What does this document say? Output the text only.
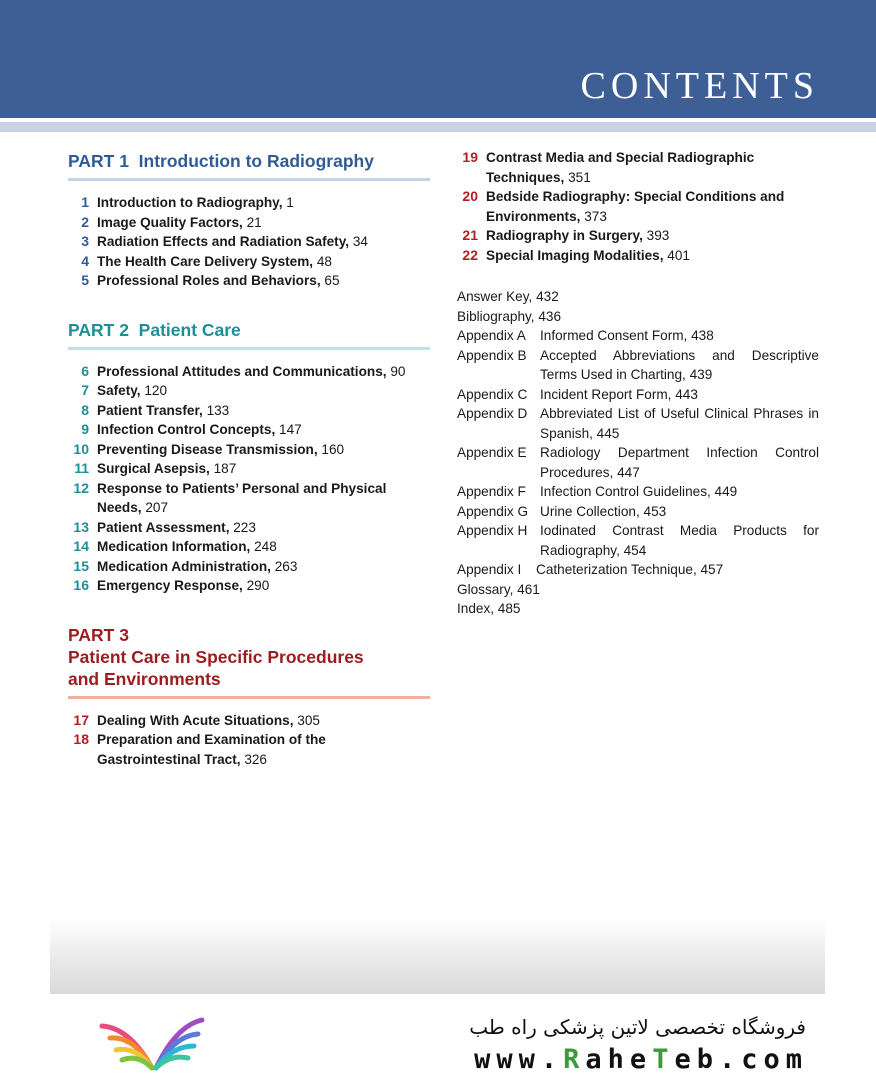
CONTENTS
PART 1 Introduction to Radiography
1 Introduction to Radiography, 1
2 Image Quality Factors, 21
3 Radiation Effects and Radiation Safety, 34
4 The Health Care Delivery System, 48
5 Professional Roles and Behaviors, 65
PART 2 Patient Care
6 Professional Attitudes and Communications, 90
7 Safety, 120
8 Patient Transfer, 133
9 Infection Control Concepts, 147
10 Preventing Disease Transmission, 160
11 Surgical Asepsis, 187
12 Response to Patients’ Personal and Physical Needs, 207
13 Patient Assessment, 223
14 Medication Information, 248
15 Medication Administration, 263
16 Emergency Response, 290
PART 3  Patient Care in Specific Procedures
and Environments
17 Dealing With Acute Situations, 305
18 Preparation and Examination of the Gastrointestinal Tract, 326
19 Contrast Media and Special Radiographic Techniques, 351
20 Bedside Radiography: Special Conditions and Environments, 373
21 Radiography in Surgery, 393
22 Special Imaging Modalities, 401
Answer Key, 432
Bibliography, 436
Appendix A	Informed Consent Form, 438
Appendix B Accepted Abbreviations and Descriptive Terms Used in Charting, 439
Appendix C Incident Report Form, 443
Appendix D Abbreviated List of Useful Clinical Phrases in Spanish, 445
Appendix E Radiology Department Infection Control Procedures, 447
Appendix F	Infection Control Guidelines, 449
Appendix G Urine Collection, 453
Appendix H Iodinated Contrast Media Products for Radiography, 454
Appendix I	Catheterization Technique, 457
Glossary, 461
Index, 485
فروشگاه تخصصی لاتین پزشکی راه طب
www.RaheTeb.com
